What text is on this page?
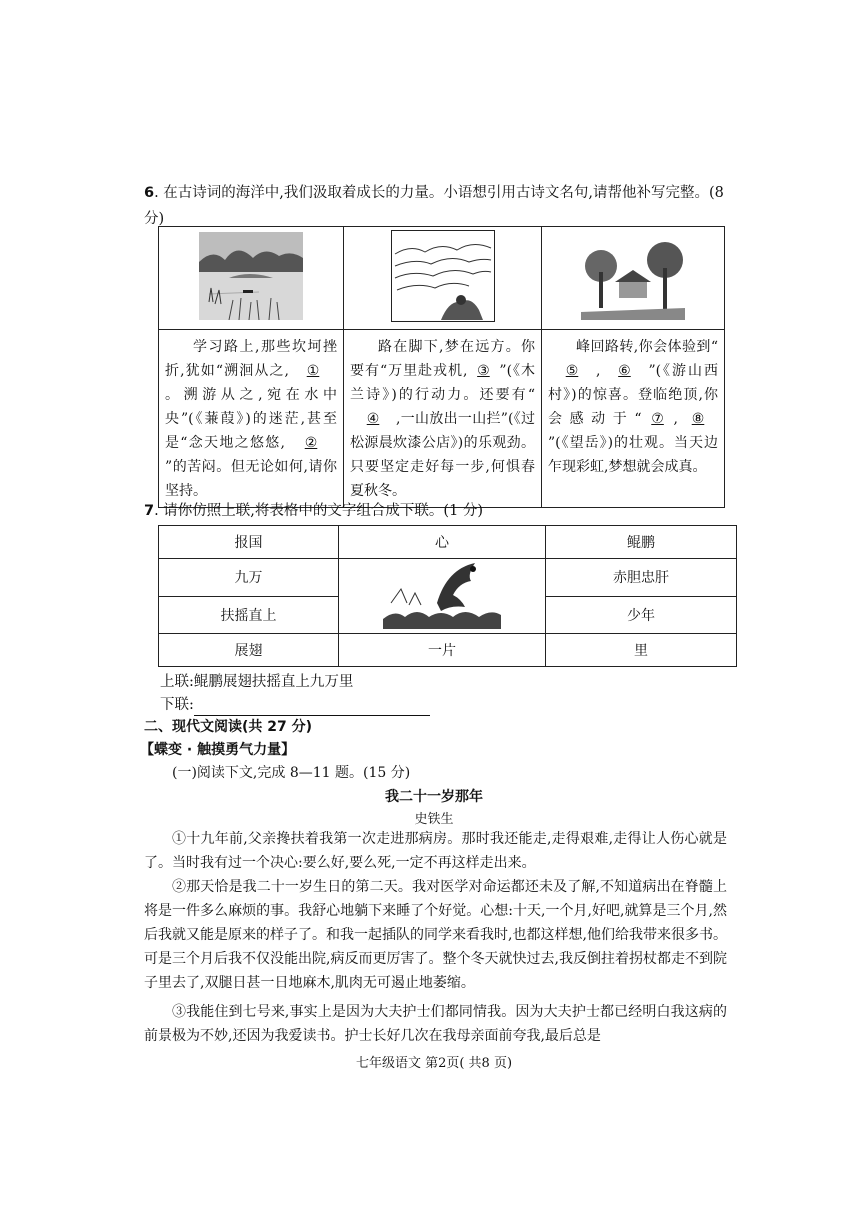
6. 在古诗词的海洋中,我们汲取着成长的力量。小语想引用古诗文名句,请帮他补写完整。(8 分)

学习路上,那些坎坷挫折,犹如“溯洄从之, ①。溯游从之,宛在水中央”(《蒹葭》)的迷茫,甚至是“念天地之悠悠, ②”的苦闷。但无论如何,请你坚持。	路在脚下,梦在远方。你要有“万里赴戎机, ③ ”(《木兰诗》)的行动力。还要有“④ ,一山放出一山拦”(《过松源晨炊漆公店》)的乐观劲。只要坚定走好每一步,何惧春夏秋冬。	峰回路转,你会体验到“⑤ , ⑥ ”(《游山西村》)的惊喜。登临绝顶,你会感动于“ ⑦ , ⑧”(《望岳》)的壮观。当天边乍现彩虹,梦想就会成真。
7. 请你仿照上联,将表格中的文字组合成下联。(1 分)
报国	心	鲲鹏
九万		赤胆忠肝
扶摇直上		少年
展翅	一片	里
上联:鲲鹏展翅扶摇直上九万里
下联:
二、现代文阅读(共 27 分)
【蝶变 · 触摸勇气力量】
(一)阅读下文,完成 8—11 题。(15 分)
我二十一岁那年
史铁生
①十九年前,父亲搀扶着我第一次走进那病房。那时我还能走,走得艰难,走得让人伤心就是了。当时我有过一个决心:要么好,要么死,一定不再这样走出来。
②那天恰是我二十一岁生日的第二天。我对医学对命运都还未及了解,不知道病出在脊髓上将是一件多么麻烦的事。我舒心地躺下来睡了个好觉。心想:十天,一个月,好吧,就算是三个月,然后我就又能是原来的样子了。和我一起插队的同学来看我时,也都这样想,他们给我带来很多书。可是三个月后我不仅没能出院,病反而更厉害了。整个冬天就快过去,我反倒拄着拐杖都走不到院子里去了,双腿日甚一日地麻木,肌肉无可遏止地萎缩。
③我能住到七号来,事实上是因为大夫护士们都同情我。因为大夫护士都已经明白我这病的前景极为不妙,还因为我爱读书。护士长好几次在我母亲面前夸我,最后总是
七年级语文 第2页( 共8 页)
